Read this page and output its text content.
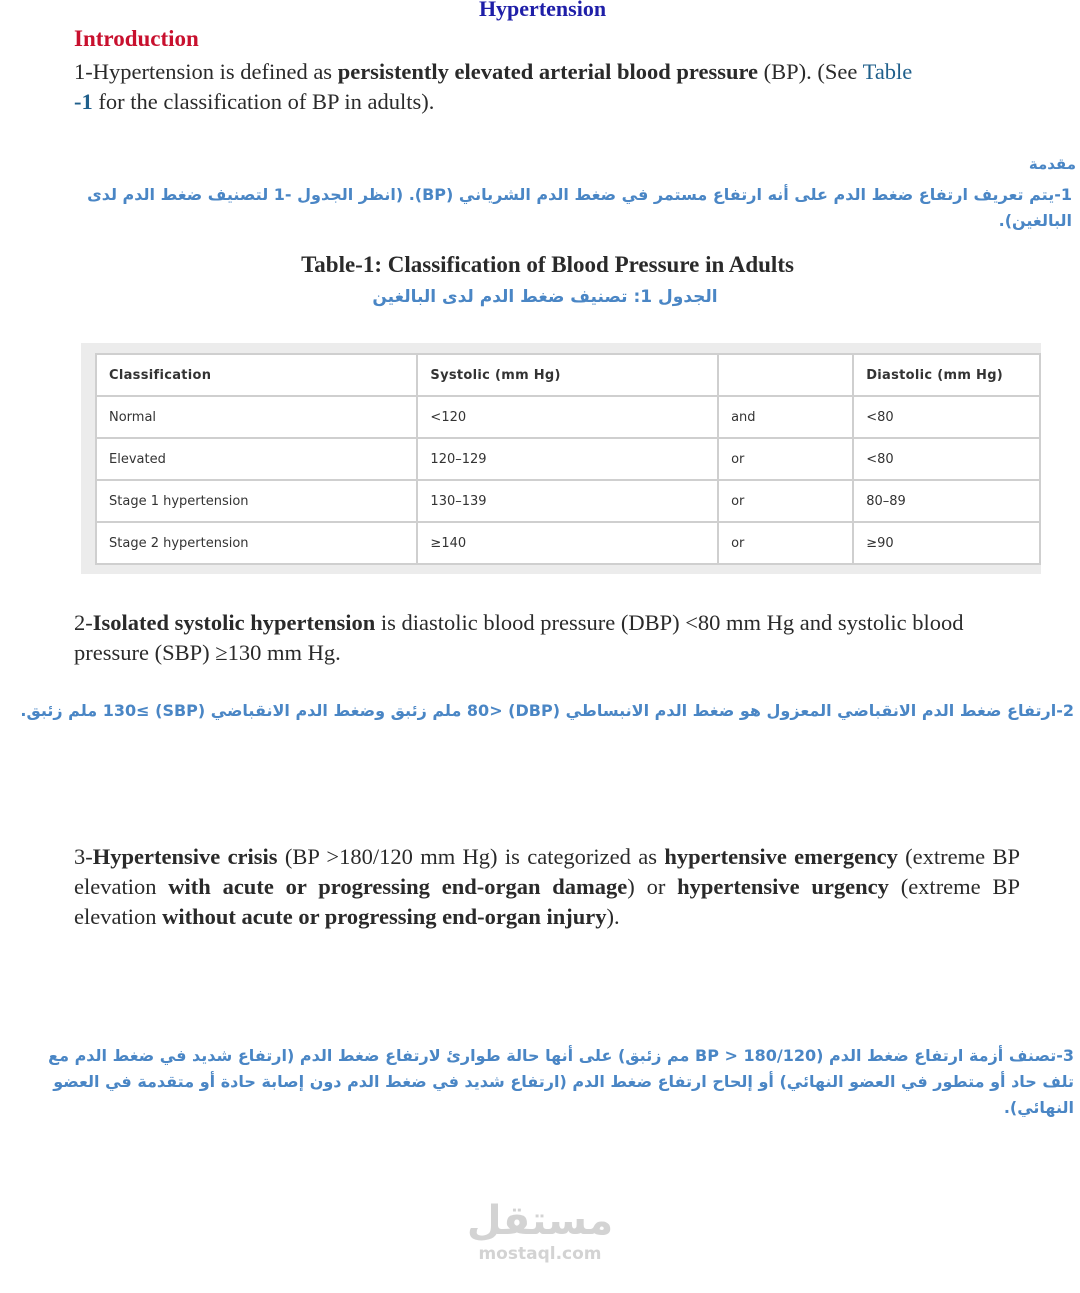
Hypertension
Introduction
1-Hypertension is defined as persistently elevated arterial blood pressure (BP). (See Table
-1 for the classification of BP in adults).
مقدمة
1-يتم تعريف ارتفاع ضغط الدم على أنه ارتفاع مستمر في ضغط الدم الشرياني (BP). (انظر الجدول -1 لتصنيف ضغط الدم لدى البالغين).
Table-1: Classification of Blood Pressure in Adults
الجدول 1: تصنيف ضغط الدم لدى البالغين
Classification	Systolic (mm Hg)		Diastolic (mm Hg)
Normal	<120	and	<80
Elevated	120–129	or	<80
Stage 1 hypertension	130–139	or	80–89
Stage 2 hypertension	≥140	or	≥90
2-Isolated systolic hypertension is diastolic blood pressure (DBP) <80 mm Hg and systolic blood pressure (SBP) ≥130 mm Hg.
2-ارتفاع ضغط الدم الانقباضي المعزول هو ضغط الدم الانبساطي (DBP) <80 ملم زئبق وضغط الدم الانقباضي (SBP) ≥130 ملم زئبق.
3-Hypertensive crisis (BP >180/120 mm Hg) is categorized as hypertensive emergency (extreme BP elevation with acute or progressing end-organ damage) or hypertensive urgency (extreme BP elevation without acute or progressing end-organ injury).
3-تصنف أزمة ارتفاع ضغط الدم (BP > 180/120 مم زئبق) على أنها حالة طوارئ لارتفاع ضغط الدم (ارتفاع شديد في ضغط الدم مع تلف حاد أو متطور في العضو النهائي) أو إلحاح ارتفاع ضغط الدم (ارتفاع شديد في ضغط الدم دون إصابة حادة أو متقدمة في العضو النهائي).
مستقل
mostaql.com
